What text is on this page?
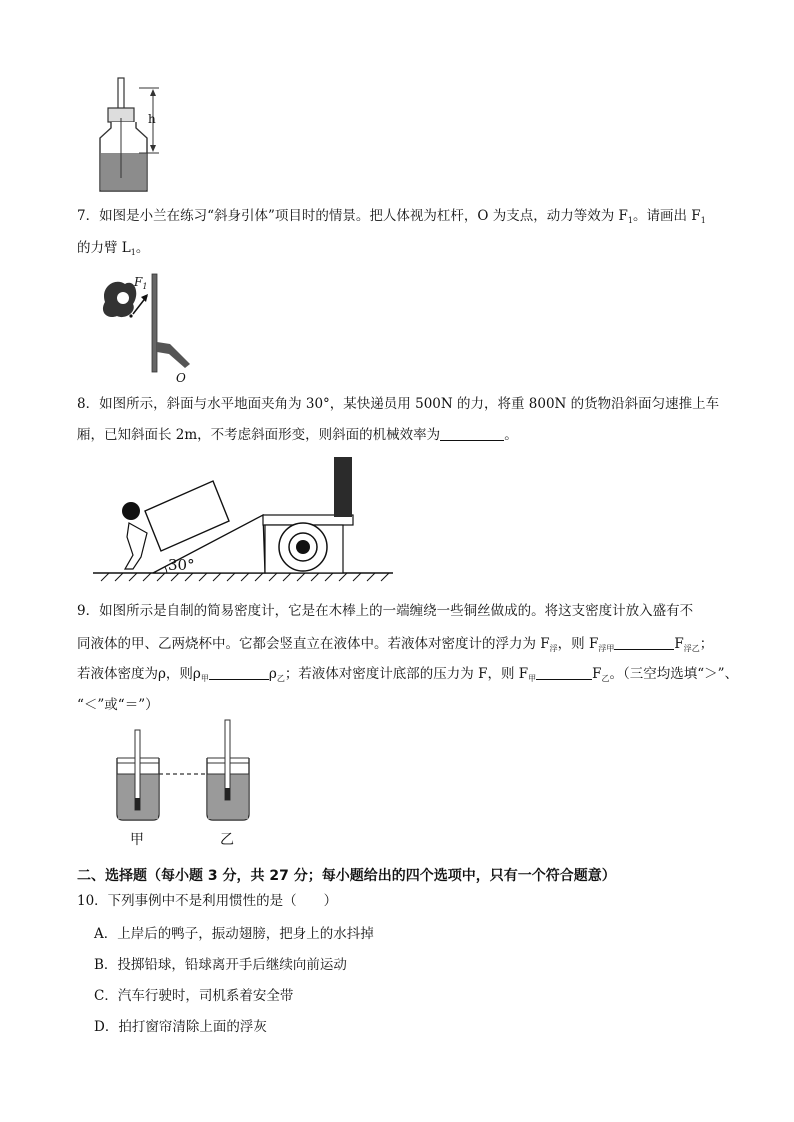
h
7．如图是小兰在练习“斜身引体”项目时的情景。把人体视为杠杆，O 为支点，动力等效为 $F_1$。请画出 $F_1$
的力臂 $L_1$。
$F_1$
O
8．如图所示，斜面与水平地面夹角为 30°，某快递员用 500N 的力，将重 800N 的货物沿斜面匀速推上车
厢，已知斜面长 2m，不考虑斜面形变，则斜面的机械效率为	。
30°
9．如图所示是自制的简易密度计，它是在木棒上的一端缠绕一些铜丝做成的。将这支密度计放入盛有不
同液体的甲、乙两烧杯中。它都会竖直立在液体中。若液体对密度计的浮力为 $F_浮$，则 $F_{浮甲}$	$F_{浮乙}$；
若液体密度为ρ，则$\rho_甲$	$\rho_乙$；若液体对密度计底部的压力为 F，则 $F_甲$	$F_乙$。（三空均选填“＞”、
“＜”或“＝”）
甲	乙
二、选择题（每小题 3 分，共 27 分；每小题给出的四个选项中，只有一个符合题意）
10．下列事例中不是利用惯性的是（　　）
A．上岸后的鸭子，振动翅膀，把身上的水抖掉
B．投掷铅球，铅球离开手后继续向前运动
C．汽车行驶时，司机系着安全带
D．拍打窗帘清除上面的浮灰
